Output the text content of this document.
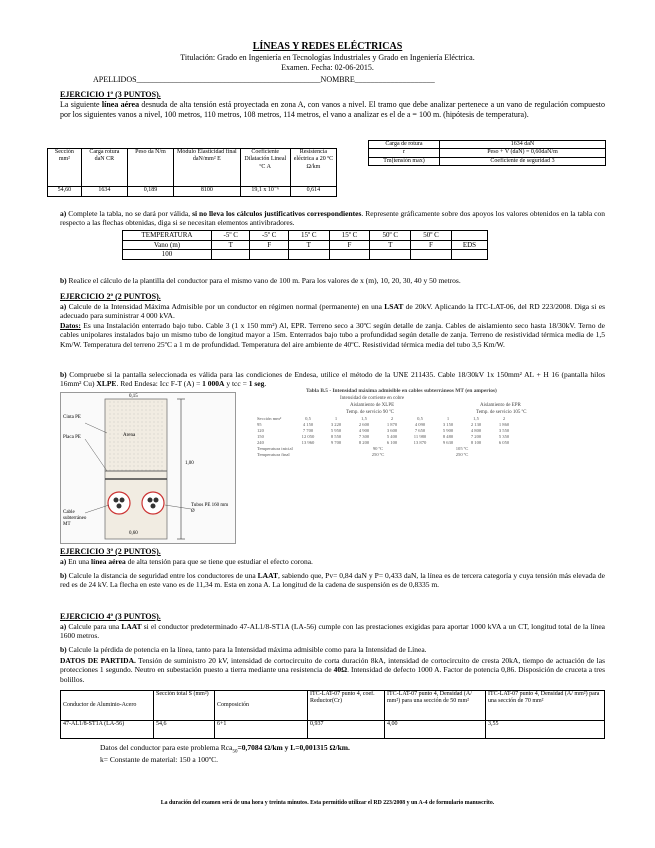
LÍNEAS Y REDES ELÉCTRICAS
Titulación: Grado en Ingeniería en Tecnologías Industriales y Grado en Ingeniería Eléctrica.
Examen. Fecha: 02-06-2015.
APELLIDOS______________________________________________NOMBRE____________________
EJERCICIO 1º (3 PUNTOS).
La siguiente línea aérea desnuda de alta tensión está proyectada en zona A, con vanos a nivel. El tramo que debe analizar pertenece a un vano de regulación compuesto por los siguientes vanos a nivel, 100 metros, 110 metros, 108 metros, 114 metros, el vano a analizar es el de a = 100 m. (hipótesis de temperatura).
Sección mm²	Carga rotura daN CR	Peso da N/m	Módulo Elasticidad final daN/mm² E	Coeficiente Dilatación Lineal ºC A	Resistencia eléctrica a 20 ºC Ω/km
54,60	1634	0,189	8100	19,1 x 10⁻⁶	0,614
Carga de rotura	1634 daN
r	Peso + V (daN) = 0,60daN/m
Tm(tensión max)	Coeficiente de seguridad 3
a) Complete la tabla, no se dará por válida, si no lleva los cálculos justificativos correspondientes. Represente gráficamente sobre dos apoyos los valores obtenidos en la tabla con respecto a las flechas obtenidas, diga si se necesitan elementos antivibradores.
TEMPERATURA	-5º C	-5º C	15º C	15º C	50º C	50º C	
Vano (m)	T	F	T	F	T	F	EDS
100							
b) Realice el cálculo de la plantilla del conductor para el mismo vano de 100 m. Para los valores de x (m), 10, 20, 30, 40 y 50 metros.
EJERCICIO 2º (2 PUNTOS).
a) Calcule de la Intensidad Máxima Admisible por un conductor en régimen normal (permanente) en una LSAT de 20kV. Aplicando la ITC-LAT-06, del RD 223/2008. Diga si es adecuado para suministrar 4 000 kVA.
Datos: Es una Instalación enterrado bajo tubo. Cable 3 (1 x 150 mm²) Al, EPR. Terreno seco a 30ºC según detalle de zanja. Cables de aislamiento seco hasta 18/30kV. Terno de cables unipolares instalados bajo un mismo tubo de longitud mayor a 15m. Enterrados bajo tubo a profundidad según detalle de zanja. Terreno de resistividad térmica media de 1,5 Km/W. Temperatura del terreno 25ºC a 1 m de profundidad. Temperatura del aire ambiente de 40ºC. Resistividad térmica media del tubo 3,5 Km/W.
b) Compruebe si la pantalla seleccionada es válida para las condiciones de Endesa, utilice el método de la UNE 211435. Cable 18/30kV 1x 150mm² AL + H 16 (pantalla hilos 16mm² Cu) XLPE. Red Endesa: Icc F-T (A) = 1 000A y tcc = 1 seg.
Cinta PE
Placa PE
Cable subterráneo MT
Tubos PE 160 mm Ø
Arena
1,00
0,15
0,60
Tabla B.5 - Intensidad máxima admisible en cables subterráneos MT (en amperios)
Intensidad de corriente en cobre
Aislamiento de XLPE	Aislamiento de EPR
Temp. de servicio 90 ºC	Temp. de servicio 105 ºC
Sección mm²	0,5	1	1,5	2	0,5	1	1,5	2
95	4 150	3 220	2 600	1 870	4 090	3 150	2 130	1 860
120	7 700	5 950	4 900	3 600	7 650	5 900	4 800	3 550
150	12 050	8 550	7 300	5 400	11 980	8 480	7 200	5 350
240	13 960	9 700	8 200	6 100	13 870	9 630	8 100	6 050
Temperatura inicial			90 ºC		105 ºC			
Temperatura final			250 ºC		250 ºC			
EJERCICIO 3º (2 PUNTOS).
a) En una línea aérea de alta tensión para que se tiene que estudiar el efecto corona.
b) Calcule la distancia de seguridad entre los conductores de una LAAT, sabiendo que, Pv= 0,84 daN y P= 0,433 daN, la línea es de tercera categoría y cuya tensión más elevada de red es de 24 kV. La flecha en este vano es de 11,34 m. Esta en zona A. La longitud de la cadena de suspensión es de 0,8335 m.
EJERCICIO 4º (3 PUNTOS).
a) Calcule para una LAAT si el conductor predeterminado 47-AL1/8-ST1A (LA-56) cumple con las prestaciones exigidas para aportar 1000 kVA a un CT, longitud total de la línea 1600 metros.
b) Calcule la pérdida de potencia en la línea, tanto para la Intensidad máxima admisible como para la Intensidad de Línea.
DATOS DE PARTIDA. Tensión de suministro 20 kV, intensidad de cortocircuito de corta duración 8kA, intensidad de cortocircuito de cresta 20kA, tiempo de actuación de las protecciones 1 segundo. Neutro en subestación puesto a tierra mediante una resistencia de 40Ω. Intensidad de defecto 1000 A. Factor de potencia 0,86. Disposición de cruceta a tres bolillos.
Conductor de Aluminio-Acero	Sección total S (mm²)	Composición	ITC-LAT-07 punto 4, coef. Reductor(Cr)	ITC-LAT-07 punto 4, Densidad (A/ mm²) para una sección de 50 mm²	ITC-LAT-07 punto 4, Densidad (A/ mm²) para una sección de 70 mm²
47-AL1/8-ST1A (LA-56)	54,6	6+1	0,937	4,00	3,55
Datos del conductor para este problema Rca$_{50}$=0,7084 Ω/km y L=0,001315 Ω/km.
k= Constante de material: 150 a 100ºC.
La duración del examen será de una hora y treinta minutos. Esta permitido utilizar el RD 223/2008 y un A-4 de formulario manuscrito.
